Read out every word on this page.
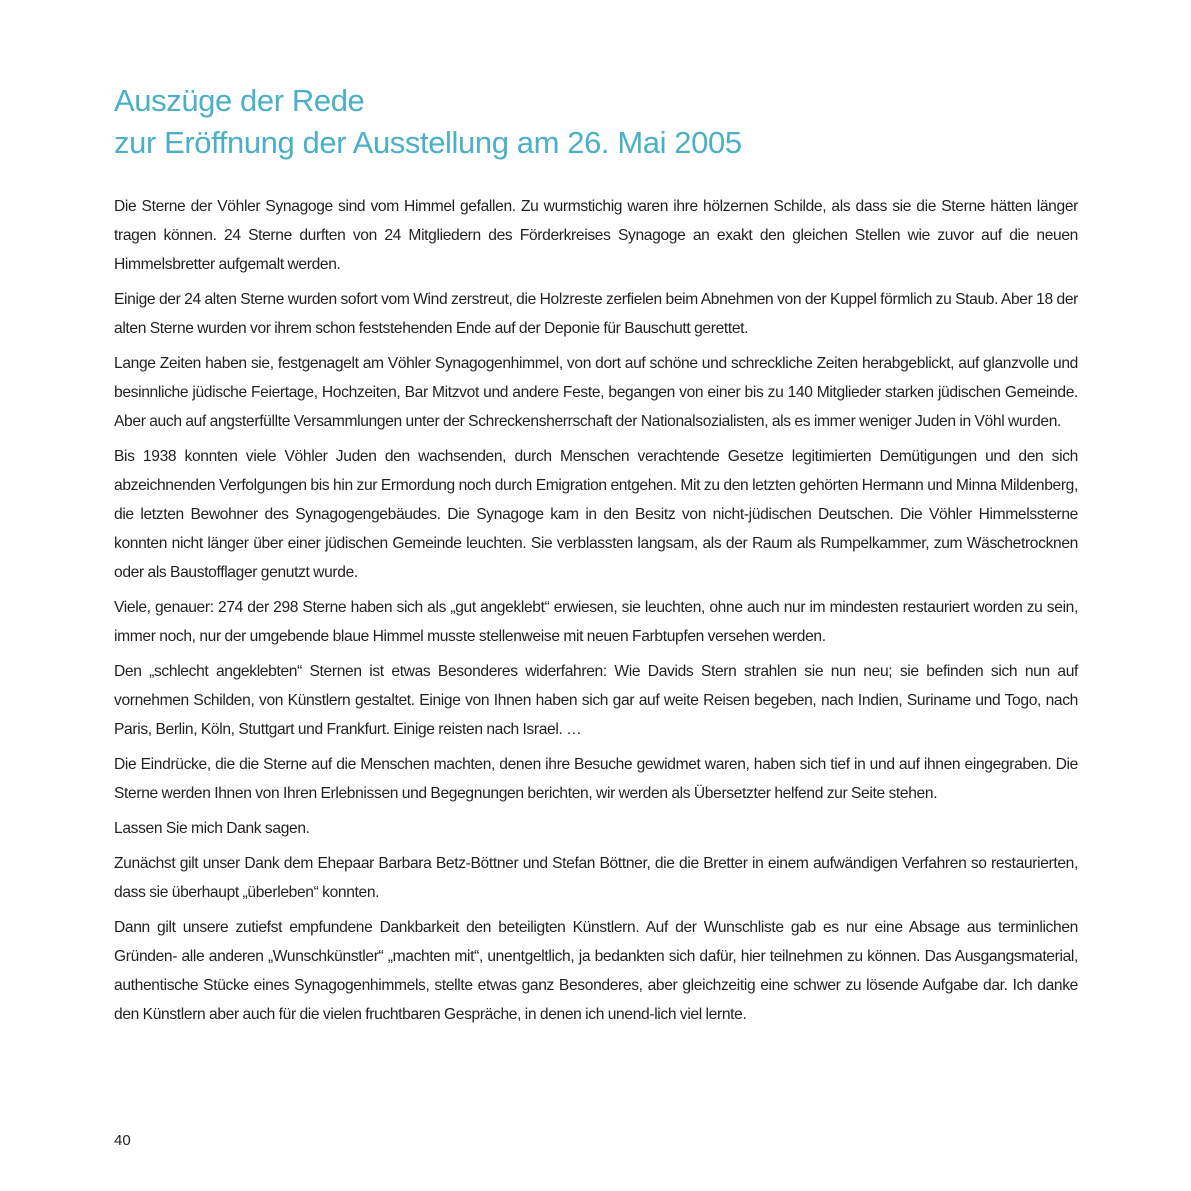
Auszüge der Rede
zur Eröffnung der Ausstellung am 26. Mai 2005

Die Sterne der Vöhler Synagoge sind vom Himmel gefallen. Zu wurmstichig waren ihre hölzernen Schilde, als dass sie die Sterne hätten länger tragen können. 24 Sterne durften von 24 Mitgliedern des Förderkreises Synagoge an exakt den gleichen Stellen wie zuvor auf die neuen Himmelsbretter aufgemalt werden.

Einige der 24 alten Sterne wurden sofort vom Wind zerstreut, die Holzreste zerfielen beim Abnehmen von der Kuppel förmlich zu Staub. Aber 18 der alten Sterne wurden vor ihrem schon feststehenden Ende auf der Deponie für Bauschutt gerettet.

Lange Zeiten haben sie, festgenagelt am Vöhler Synagogenhimmel, von dort auf schöne und schreckliche Zeiten herabgeblickt, auf glanzvolle und besinnliche jüdische Feiertage, Hochzeiten, Bar Mitzvot und andere Feste, begangen von einer bis zu 140 Mitglieder starken jüdischen Gemeinde. Aber auch auf angsterfüllte Versammlungen unter der Schreckensherrschaft der Nationalsozialisten, als es immer weniger Juden in Vöhl wurden.

Bis 1938 konnten viele Vöhler Juden den wachsenden, durch Menschen verachtende Gesetze legitimierten Demütigungen und den sich abzeichnenden Verfolgungen bis hin zur Ermordung noch durch Emigration entgehen. Mit zu den letzten gehörten Hermann und Minna Mildenberg, die letzten Bewohner des Synagogengebäudes. Die Synagoge kam in den Besitz von nicht-jüdischen Deutschen. Die Vöhler Himmelssterne konnten nicht länger über einer jüdischen Gemeinde leuchten. Sie verblassten langsam, als der Raum als Rumpelkammer, zum Wäschetrocknen oder als Baustofflager genutzt wurde.

Viele, genauer: 274 der 298 Sterne haben sich als „gut angeklebt“ erwiesen, sie leuchten, ohne auch nur im mindesten restauriert worden zu sein, immer noch, nur der umgebende blaue Himmel musste stellenweise mit neuen Farbtupfen versehen werden.

Den „schlecht angeklebten“ Sternen ist etwas Besonderes widerfahren: Wie Davids Stern strahlen sie nun neu; sie befinden sich nun auf vornehmen Schilden, von Künstlern gestaltet. Einige von Ihnen haben sich gar auf weite Reisen begeben, nach Indien, Suriname und Togo, nach Paris, Berlin, Köln, Stuttgart und Frankfurt. Einige reisten nach Israel. …

Die Eindrücke, die die Sterne auf die Menschen machten, denen ihre Besuche gewidmet waren, haben sich tief in und auf ihnen eingegraben. Die Sterne werden Ihnen von Ihren Erlebnissen und Begegnungen berichten, wir werden als Übersetzter helfend zur Seite stehen.

Lassen Sie mich Dank sagen.

Zunächst gilt unser Dank dem Ehepaar Barbara Betz-Böttner und Stefan Böttner, die die Bretter in einem aufwändigen Verfahren so restaurierten, dass sie überhaupt „überleben“ konnten.

Dann gilt unsere zutiefst empfundene Dankbarkeit den beteiligten Künstlern. Auf der Wunschliste gab es nur eine Absage aus terminlichen Gründen- alle anderen „Wunschkünstler“ „machten mit“, unentgeltlich, ja bedankten sich dafür, hier teilnehmen zu können. Das Ausgangsmaterial, authentische Stücke eines Synagogenhimmels, stellte etwas ganz Besonderes, aber gleichzeitig eine schwer zu lösende Aufgabe dar. Ich danke den Künstlern aber auch für die vielen fruchtbaren Gespräche, in denen ich unend-lich viel lernte.

40
